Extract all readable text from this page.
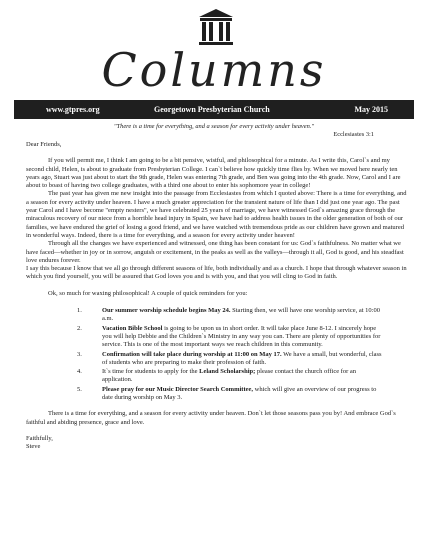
Columns
www.gtpres.org	Georgetown Presbyterian Church	May 2015
"There is a time for everything, and a season for every activity under heaven."
Ecclesiastes 3:1

Dear Friends,

If you will permit me, I think I am going to be a bit pensive, wistful, and philosophical for a minute. As I write this, Carol`s and my second child, Helen, is about to graduate from Presbyterian College. I can`t believe how quickly time flies by. When we moved here nearly ten years ago, Stuart was just about to start the 9th grade, Helen was entering 7th grade, and Ben was going into the 4th grade. Now, Carol and I are about to boast of having two college graduates, with a third one about to enter his sophomore year in college!

The past year has given me new insight into the passage from Ecclesiastes from which I quoted above: There is a time for everything, and a season for every activity under heaven. I have a much greater appreciation for the transient nature of life than I did just one year ago. The past year Carol and I have become "empty nesters", we have celebrated 25 years of marriage, we have witnessed God`s amazing grace through the miraculous recovery of our niece from a horrible head injury in Spain, we have had to address health issues in the older generation of both of our families, we have endured the grief of losing a good friend, and we have watched with tremendous pride as our children have grown and matured in wonderful ways. Indeed, there is a time for everything, and a season for every activity under heaven!

Through all the changes we have experienced and witnessed, one thing has been constant for us: God`s faithfulness. No matter what we have faced—whether in joy or in sorrow, anguish or excitement, in the peaks as well as the valleys—through it all, God is good, and his steadfast love endures forever.

I say this because I know that we all go through different seasons of life, both individually and as a church. I hope that through whatever season in which you find yourself, you will be assured that God loves you and is with you, and that you will cling to God in faith.

Ok, so much for waxing philosophical! A couple of quick reminders for you:

1.	Our summer worship schedule begins May 24. Starting then, we will have one worship service, at 10:00 a.m.
2.	Vacation Bible School is going to be upon us in short order. It will take place June 8-12. I sincerely hope you will help Debbie and the Children`s Ministry in any way you can. There are plenty of opportunities for service. This is one of the most important ways we reach children in this community.
3.	Confirmation will take place during worship at 11:00 on May 17. We have a small, but wonderful, class of students who are preparing to make their profession of faith.
4.	It`s time for students to apply for the Leland Scholarship; please contact the church office for an application.
5.	Please pray for our Music Director Search Committee, which will give an overview of our progress to date during worship on May 3.

There is a time for everything, and a season for every activity under heaven. Don`t let those seasons pass you by! And embrace God`s faithful and abiding presence, grace and love.

Faithfully,

Steve
